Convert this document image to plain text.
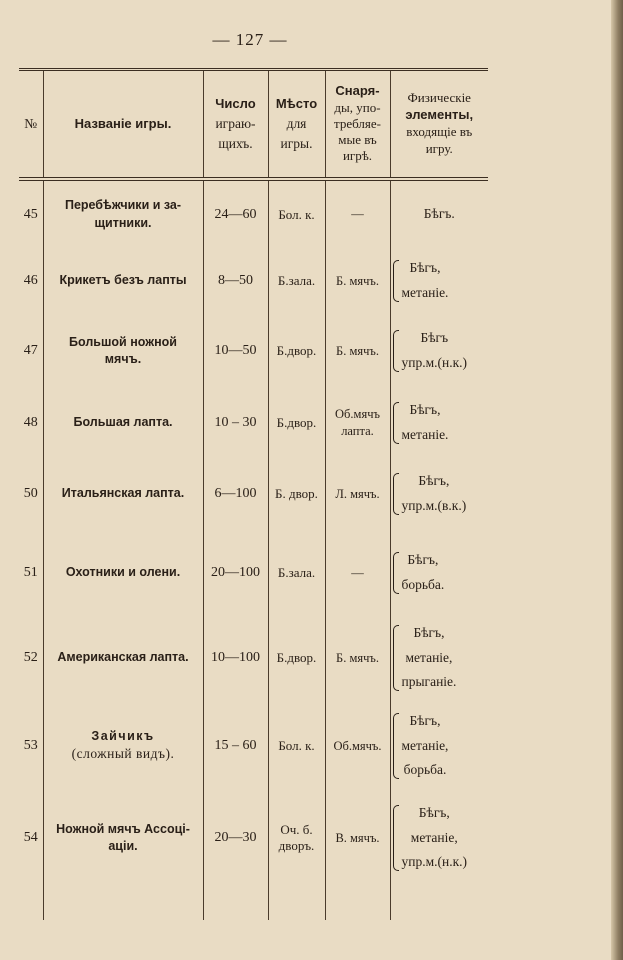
— 127 —
№	Названіе игры.	Число
играю-
щихъ.	Мѣсто
для
игры.	Снаря-
ды, упо-
требляе-
мые въ
игрѣ.	Физическіе
элементы,
входящіе въ
игру.
45	Перебѣжчики и за-
щитники.	24—60	Бол. к.	—	Бѣгъ.
46	Крикетъ безъ лапты	8—50	Б.зала.	Б. мячъ.	Бѣгъ,
метаніе.

47	Большой ножной
мячъ.	10—50	Б.двор.	Б. мячъ.	Бѣгъ
упр.м.(н.к.)

48	Большая лапта.	10 – 30	Б.двор.	Об.мячъ
лапта.	Бѣгъ,
метаніе.

50	Итальянская лапта.	6—100	Б. двор.	Л. мячъ.	Бѣгъ,
упр.м.(в.к.)

51	Охотники и олени.	20—100	Б.зала.	—	Бѣгъ,
борьба.

52	Американская лапта.	10—100	Б.двор.	Б. мячъ.	Бѣгъ,
метаніе,
прыганіе.

53	Зайчикъ
(сложный видъ).	15 – 60	Бол. к.	Об.мячъ.	Бѣгъ,
метаніе,
борьба.

54	Ножной мячъ Ассоці-
аціи.	20—30	Оч. б.
дворъ.	В. мячъ.	Бѣгъ,
метаніе,
упр.м.(н.к.)
